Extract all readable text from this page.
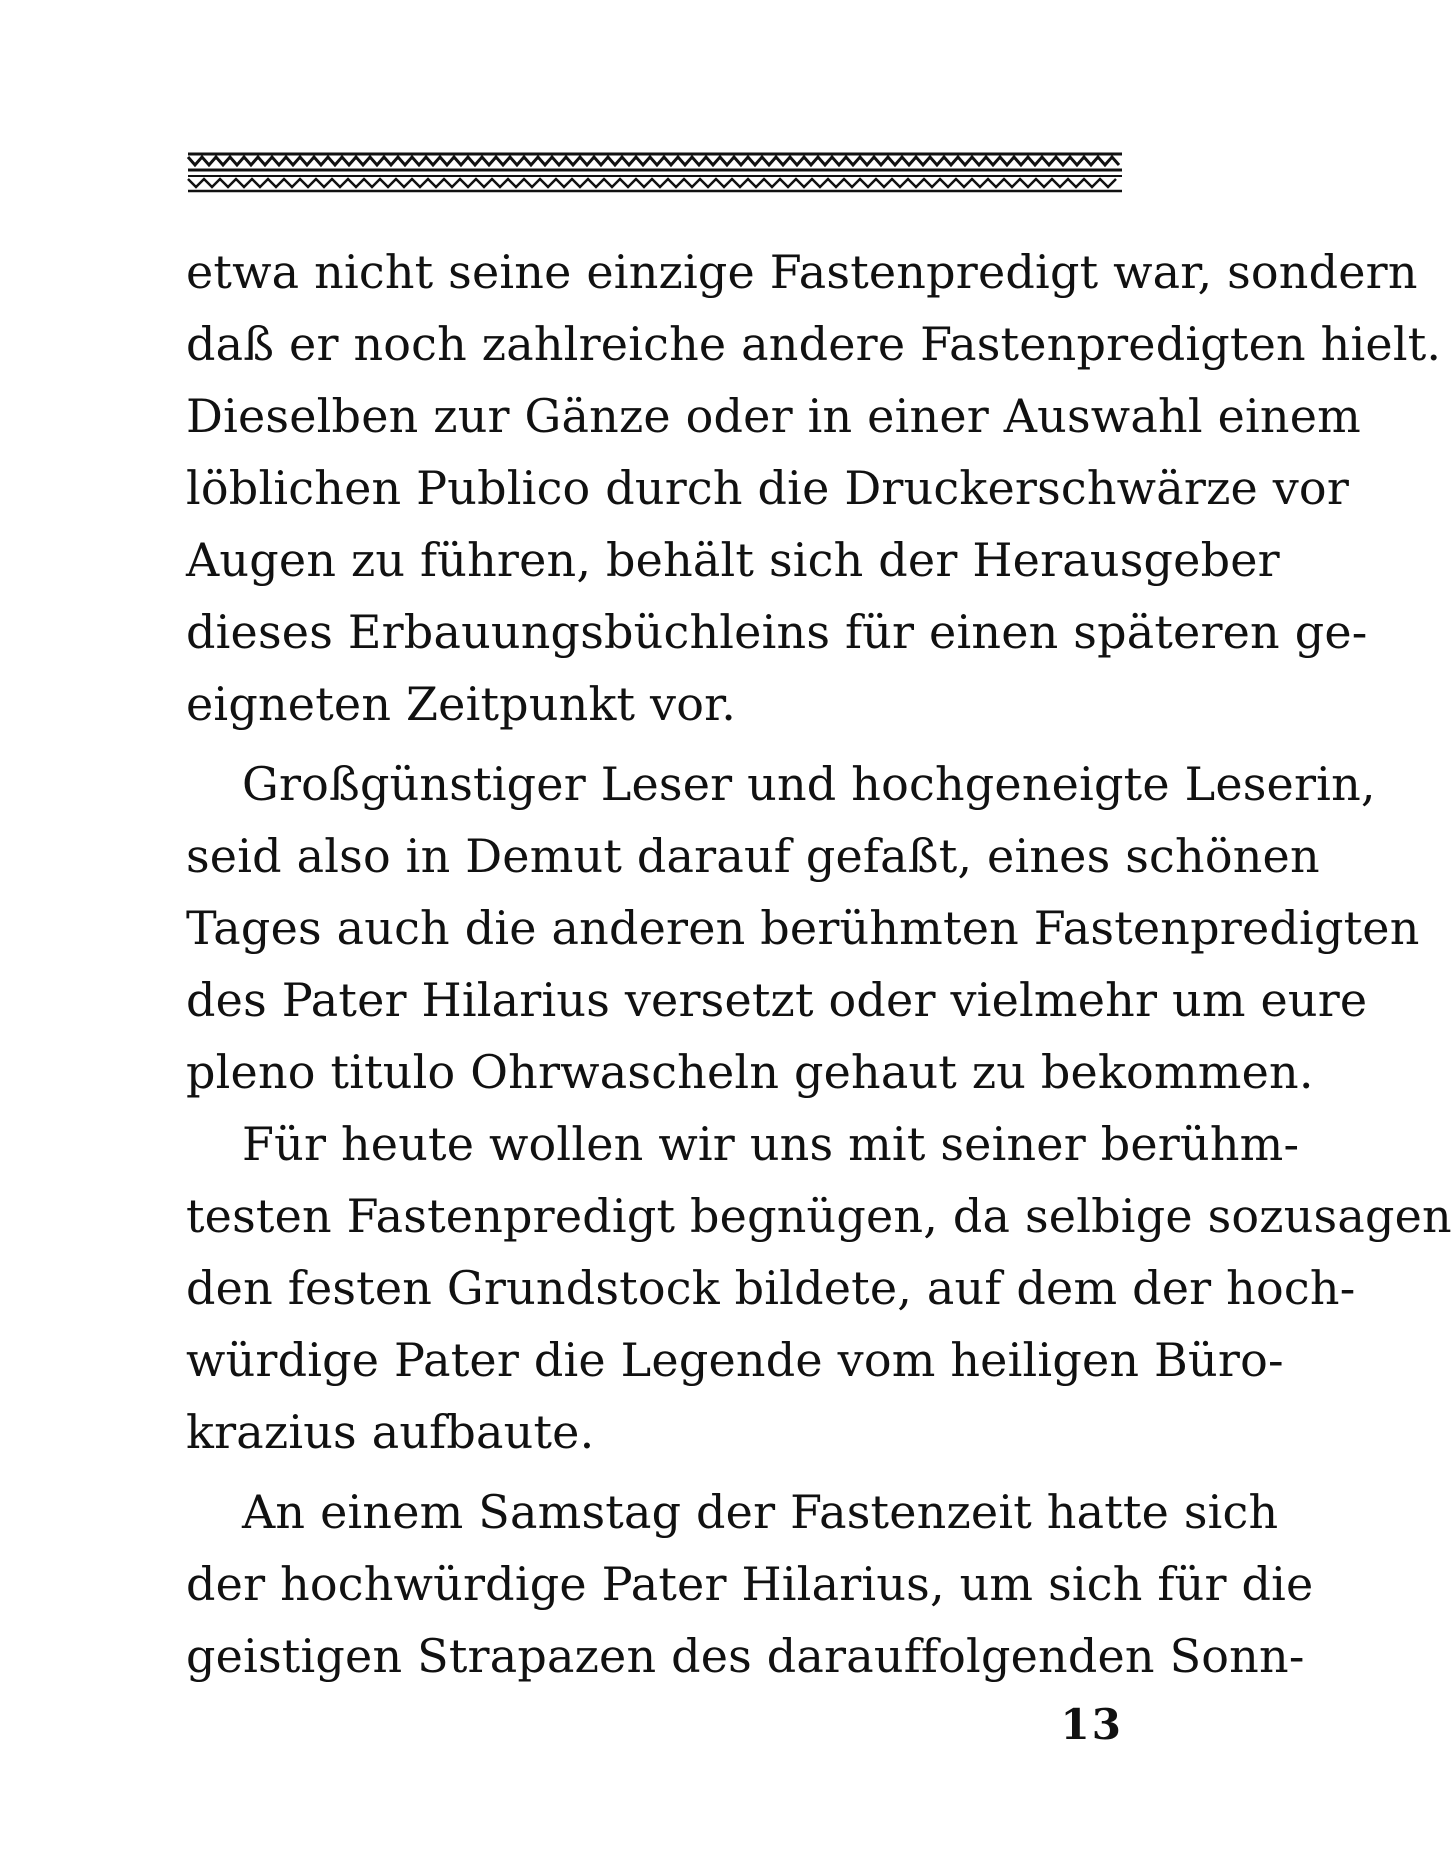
etwa nicht seine einzige Fastenpredigt war, sondern
daß er noch zahlreiche andere Fastenpredigten hielt.
Dieselben zur Gänze oder in einer Auswahl einem
löblichen Publico durch die Druckerschwärze vor
Augen zu führen, behält sich der Herausgeber
dieses Erbauungsbüchleins für einen späteren ge-
eigneten Zeitpunkt vor.
Großgünstiger Leser und hochgeneigte Leserin,
seid also in Demut darauf gefaßt, eines schönen
Tages auch die anderen berühmten Fastenpredigten
des Pater Hilarius versetzt oder vielmehr um eure
pleno titulo Ohrwascheln gehaut zu bekommen.
Für heute wollen wir uns mit seiner berühm-
testen Fastenpredigt begnügen, da selbige sozusagen
den festen Grundstock bildete, auf dem der hoch-
würdige Pater die Legende vom heiligen Büro-
krazius aufbaute.
An einem Samstag der Fastenzeit hatte sich
der hochwürdige Pater Hilarius, um sich für die
geistigen Strapazen des darauffolgenden Sonn-
13
